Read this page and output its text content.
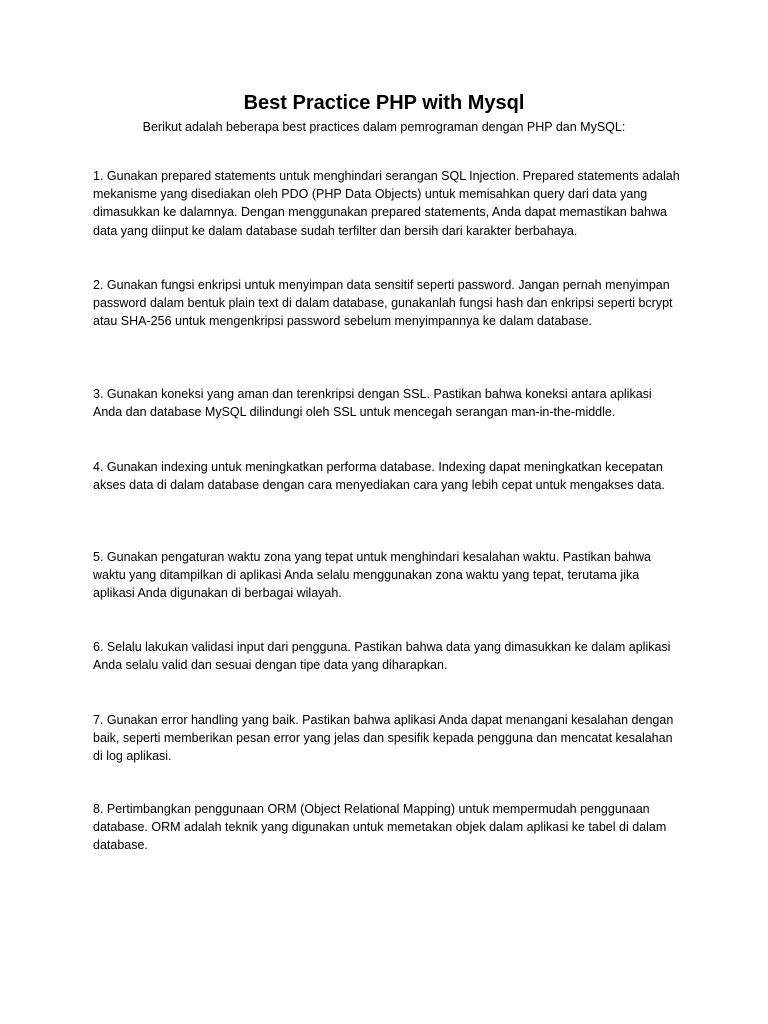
Best Practice PHP with Mysql
Berikut adalah beberapa best practices dalam pemrograman dengan PHP dan MySQL:

1. Gunakan prepared statements untuk menghindari serangan SQL Injection. Prepared statements adalah mekanisme yang disediakan oleh PDO (PHP Data Objects) untuk memisahkan query dari data yang dimasukkan ke dalamnya. Dengan menggunakan prepared statements, Anda dapat memastikan bahwa data yang diinput ke dalam database sudah terfilter dan bersih dari karakter berbahaya.

2. Gunakan fungsi enkripsi untuk menyimpan data sensitif seperti password. Jangan pernah menyimpan password dalam bentuk plain text di dalam database, gunakanlah fungsi hash dan enkripsi seperti bcrypt atau SHA-256 untuk mengenkripsi password sebelum menyimpannya ke dalam database.

3. Gunakan koneksi yang aman dan terenkripsi dengan SSL. Pastikan bahwa koneksi antara aplikasi Anda dan database MySQL dilindungi oleh SSL untuk mencegah serangan man-in-the-middle.

4. Gunakan indexing untuk meningkatkan performa database. Indexing dapat meningkatkan kecepatan akses data di dalam database dengan cara menyediakan cara yang lebih cepat untuk mengakses data.

5. Gunakan pengaturan waktu zona yang tepat untuk menghindari kesalahan waktu. Pastikan bahwa waktu yang ditampilkan di aplikasi Anda selalu menggunakan zona waktu yang tepat, terutama jika aplikasi Anda digunakan di berbagai wilayah.

6. Selalu lakukan validasi input dari pengguna. Pastikan bahwa data yang dimasukkan ke dalam aplikasi Anda selalu valid dan sesuai dengan tipe data yang diharapkan.

7. Gunakan error handling yang baik. Pastikan bahwa aplikasi Anda dapat menangani kesalahan dengan baik, seperti memberikan pesan error yang jelas dan spesifik kepada pengguna dan mencatat kesalahan di log aplikasi.

8. Pertimbangkan penggunaan ORM (Object Relational Mapping) untuk mempermudah penggunaan database. ORM adalah teknik yang digunakan untuk memetakan objek dalam aplikasi ke tabel di dalam database.
